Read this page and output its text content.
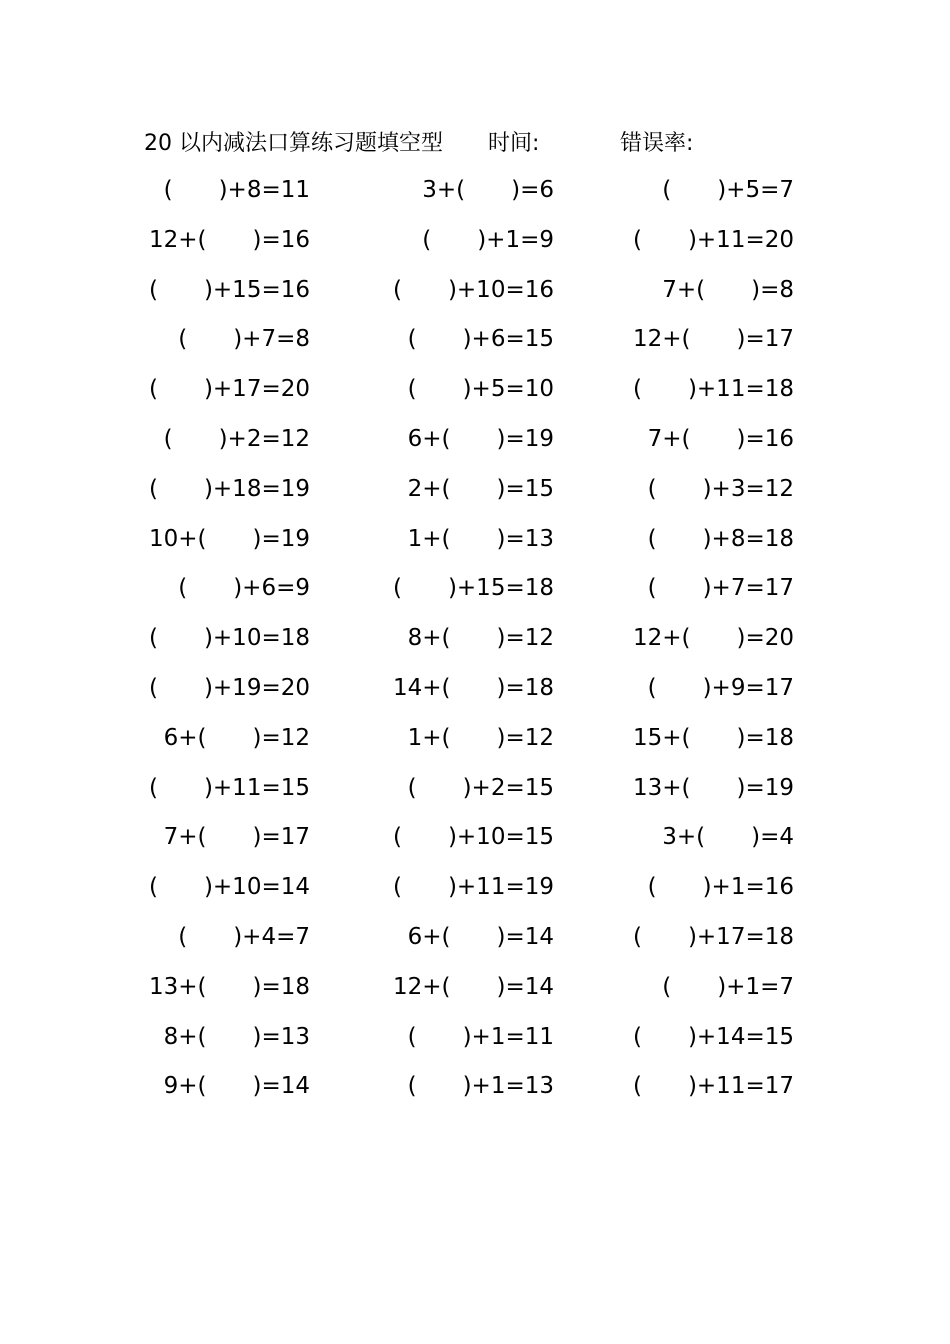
20 以内减法口算练习题填空型 时间:	错误率:
(  )+8=11	3+(  )=6	(  )+5=7
12+(  )=16	(  )+1=9	(  )+11=20
(  )+15=16	(  )+10=16	7+(  )=8
(  )+7=8	(  )+6=15	12+(  )=17
(  )+17=20	(  )+5=10	(  )+11=18
(  )+2=12	6+(  )=19	7+(  )=16
(  )+18=19	2+(  )=15	(  )+3=12
10+(  )=19	1+(  )=13	(  )+8=18
(  )+6=9	(  )+15=18	(  )+7=17
(  )+10=18	8+(  )=12	12+(  )=20
(  )+19=20	14+(  )=18	(  )+9=17
6+(  )=12	1+(  )=12	15+(  )=18
(  )+11=15	(  )+2=15	13+(  )=19
7+(  )=17	(  )+10=15	3+(  )=4
(  )+10=14	(  )+11=19	(  )+1=16
(  )+4=7	6+(  )=14	(  )+17=18
13+(  )=18	12+(  )=14	(  )+1=7
8+(  )=13	(  )+1=11	(  )+14=15
9+(  )=14	(  )+1=13	(  )+11=17
